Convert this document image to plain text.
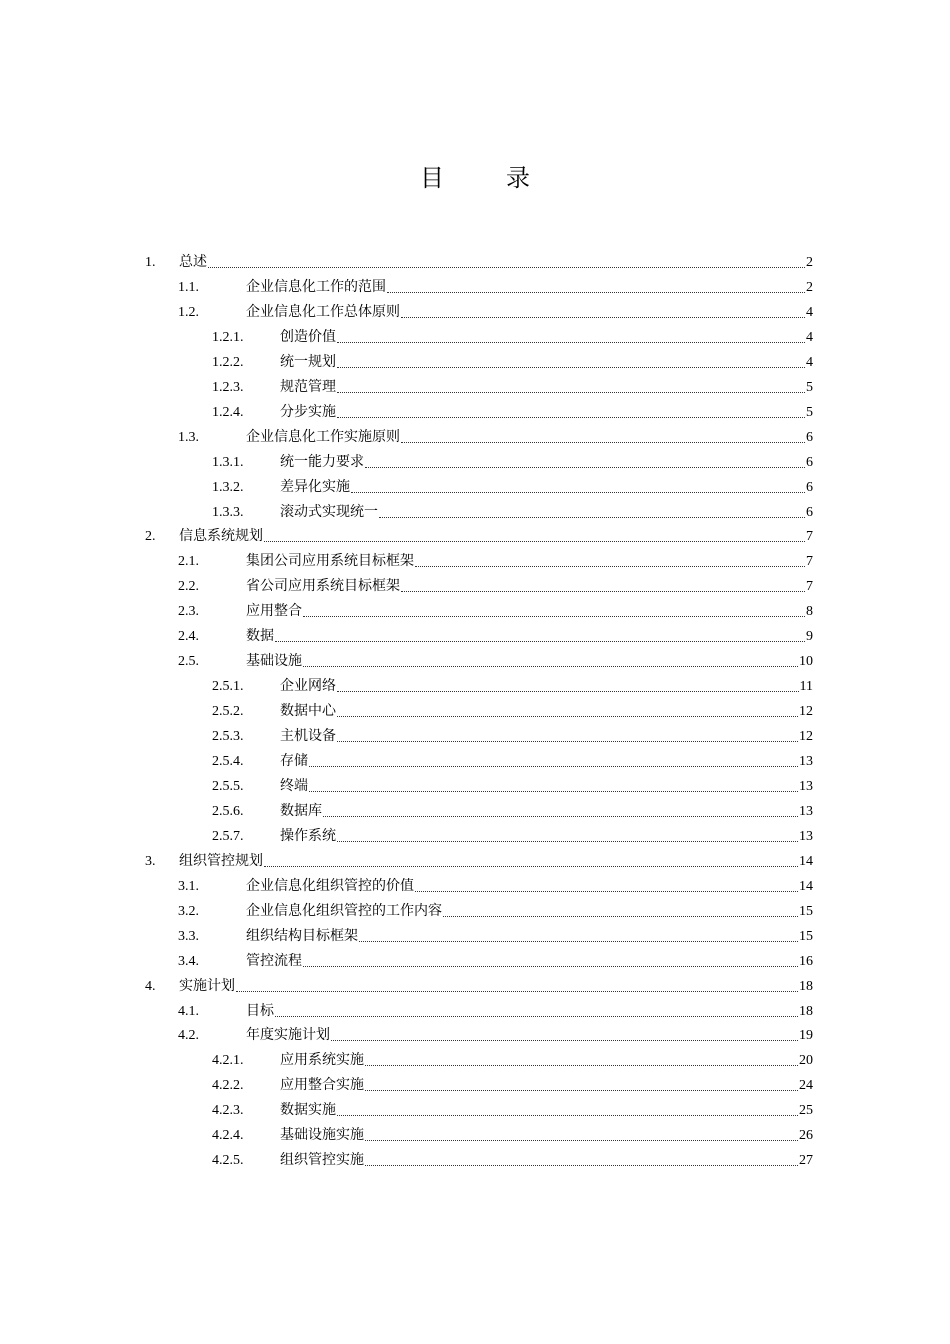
目	录
1.	总述	2
1.1.	企业信息化工作的范围	2
1.2.	企业信息化工作总体原则	4
1.2.1.	创造价值	4
1.2.2.	统一规划	4
1.2.3.	规范管理	5
1.2.4.	分步实施	5
1.3.	企业信息化工作实施原则	6
1.3.1.	统一能力要求	6
1.3.2.	差异化实施	6
1.3.3.	滚动式实现统一	6
2.	信息系统规划	7
2.1.	集团公司应用系统目标框架	7
2.2.	省公司应用系统目标框架	7
2.3.	应用整合	8
2.4.	数据	9
2.5.	基础设施	10
2.5.1.	企业网络	11
2.5.2.	数据中心	12
2.5.3.	主机设备	12
2.5.4.	存储	13
2.5.5.	终端	13
2.5.6.	数据库	13
2.5.7.	操作系统	13
3.	组织管控规划	14
3.1.	企业信息化组织管控的价值	14
3.2.	企业信息化组织管控的工作内容	15
3.3.	组织结构目标框架	15
3.4.	管控流程	16
4.	实施计划	18
4.1.	目标	18
4.2.	年度实施计划	19
4.2.1.	应用系统实施	20
4.2.2.	应用整合实施	24
4.2.3.	数据实施	25
4.2.4.	基础设施实施	26
4.2.5.	组织管控实施	27
